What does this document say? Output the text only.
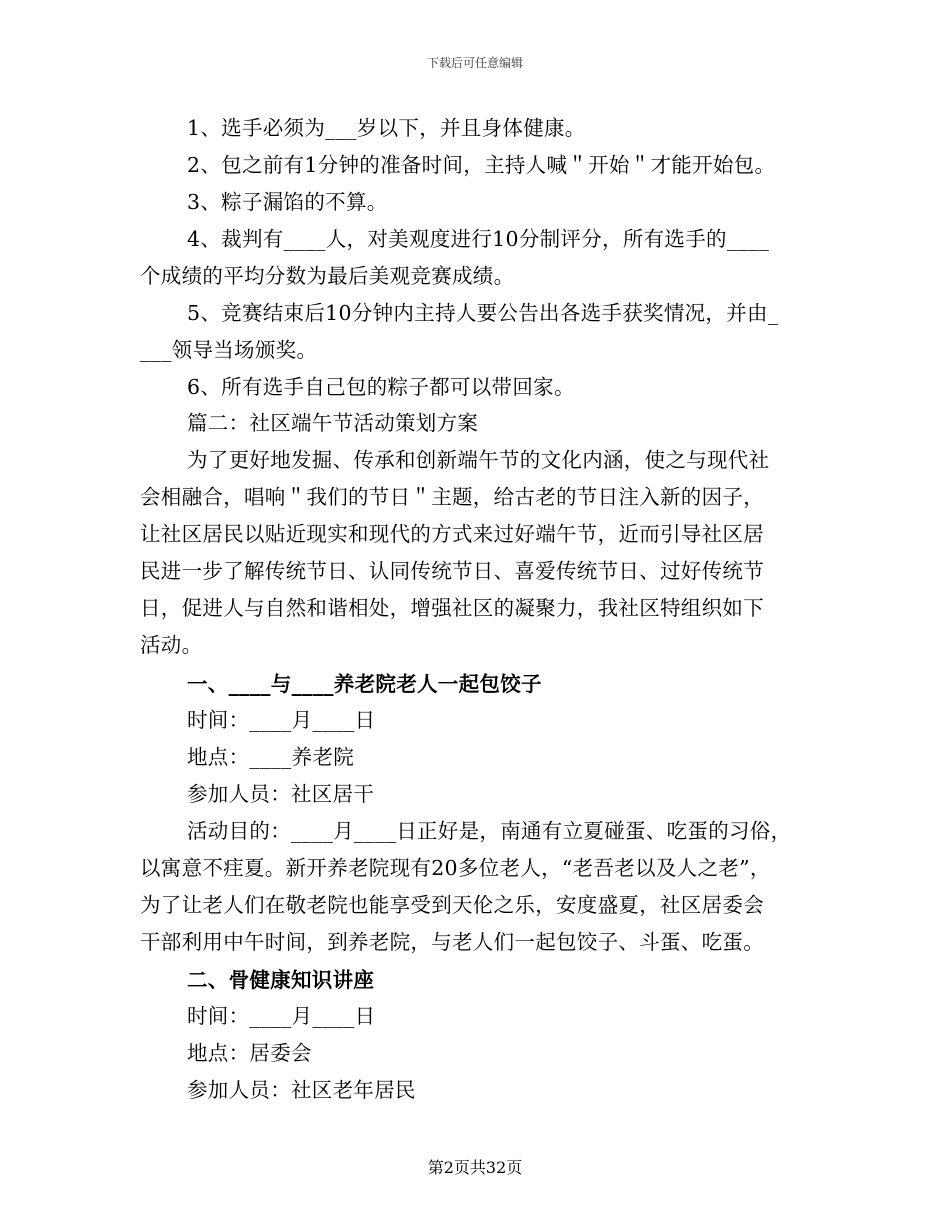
下载后可任意编辑
1、选手必须为___岁以下，并且身体健康。
2、包之前有1分钟的准备时间，主持人喊＂开始＂才能开始包。
3、粽子漏馅的不算。
4、裁判有____人，对美观度进行10分制评分，所有选手的____
个成绩的平均分数为最后美观竞赛成绩。
5、竞赛结束后10分钟内主持人要公告出各选手获奖情况，并由_
___领导当场颁奖。
6、所有选手自己包的粽子都可以带回家。
篇二：社区端午节活动策划方案
为了更好地发掘、传承和创新端午节的文化内涵，使之与现代社
会相融合，唱响＂我们的节日＂主题，给古老的节日注入新的因子，
让社区居民以贴近现实和现代的方式来过好端午节，近而引导社区居
民进一步了解传统节日、认同传统节日、喜爱传统节日、过好传统节
日，促进人与自然和谐相处，增强社区的凝聚力，我社区特组织如下
活动。
一、____与____养老院老人一起包饺子
时间：____月____日
地点：____养老院
参加人员：社区居干
活动目的：____月____日正好是，南通有立夏碰蛋、吃蛋的习俗，
以寓意不疰夏。新开养老院现有20多位老人，“老吾老以及人之老”，
为了让老人们在敬老院也能享受到天伦之乐，安度盛夏，社区居委会
干部利用中午时间，到养老院，与老人们一起包饺子、斗蛋、吃蛋。
二、骨健康知识讲座
时间：____月____日
地点：居委会
参加人员：社区老年居民
第2页共32页
